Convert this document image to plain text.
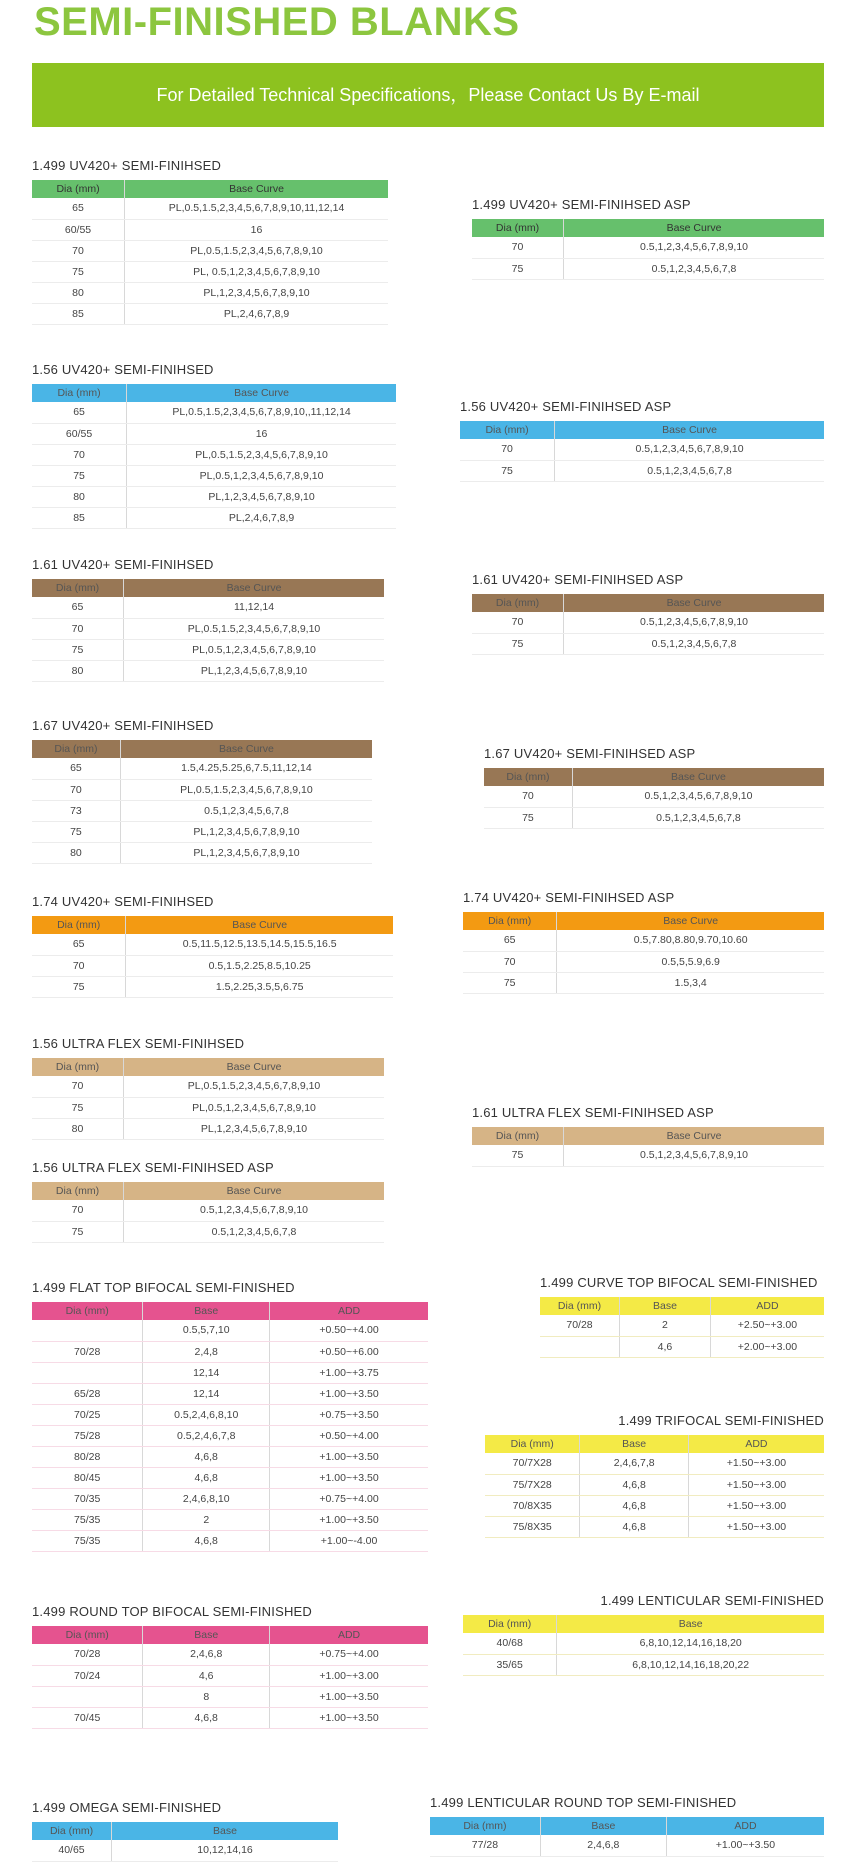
SEMI-FINISHED BLANKS
For Detailed Technical Specifications，Please Contact Us By E-mail
1.499 UV420+ SEMI-FINIHSED
Dia (mm)	Base Curve
65	PL,0.5,1.5,2,3,4,5,6,7,8,9,10,11,12,14
60/55	16
70	PL,0.5,1.5,2,3,4,5,6,7,8,9,10
75	PL, 0.5,1,2,3,4,5,6,7,8,9,10
80	PL,1,2,3,4,5,6,7,8,9,10
85	PL,2,4,6,7,8,9
1.499 UV420+ SEMI-FINIHSED ASP
Dia (mm)	Base Curve
70	0.5,1,2,3,4,5,6,7,8,9,10
75	0.5,1,2,3,4,5,6,7,8
1.56 UV420+ SEMI-FINIHSED
Dia (mm)	Base Curve
65	PL,0.5,1.5,2,3,4,5,6,7,8,9,10,,11,12,14
60/55	16
70	PL,0.5,1.5,2,3,4,5,6,7,8,9,10
75	PL,0.5,1,2,3,4,5,6,7,8,9,10
80	PL,1,2,3,4,5,6,7,8,9,10
85	PL,2,4,6,7,8,9
1.56 UV420+ SEMI-FINIHSED ASP
Dia (mm)	Base Curve
70	0.5,1,2,3,4,5,6,7,8,9,10
75	0.5,1,2,3,4,5,6,7,8
1.61 UV420+ SEMI-FINIHSED
Dia (mm)	Base Curve
65	11,12,14
70	PL,0.5,1.5,2,3,4,5,6,7,8,9,10
75	PL,0.5,1,2,3,4,5,6,7,8,9,10
80	PL,1,2,3,4,5,6,7,8,9,10
1.61 UV420+ SEMI-FINIHSED ASP
Dia (mm)	Base Curve
70	0.5,1,2,3,4,5,6,7,8,9,10
75	0.5,1,2,3,4,5,6,7,8
1.67 UV420+ SEMI-FINIHSED
Dia (mm)	Base Curve
65	1.5,4.25,5.25,6,7.5,11,12,14
70	PL,0.5,1.5,2,3,4,5,6,7,8,9,10
73	0.5,1,2,3,4,5,6,7,8
75	PL,1,2,3,4,5,6,7,8,9,10
80	PL,1,2,3,4,5,6,7,8,9,10
1.67 UV420+ SEMI-FINIHSED ASP
Dia (mm)	Base Curve
70	0.5,1,2,3,4,5,6,7,8,9,10
75	0.5,1,2,3,4,5,6,7,8
1.74 UV420+ SEMI-FINIHSED
Dia (mm)	Base Curve
65	0.5,11.5,12.5,13.5,14.5,15.5,16.5
70	0.5,1.5,2.25,8.5,10.25
75	1.5,2.25,3.5,5,6.75
1.74 UV420+ SEMI-FINIHSED ASP
Dia (mm)	Base Curve
65	0.5,7.80,8.80,9.70,10.60
70	0.5,5,5.9,6.9
75	1.5,3,4
1.56 ULTRA FLEX SEMI-FINIHSED
Dia (mm)	Base Curve
70	PL,0.5,1.5,2,3,4,5,6,7,8,9,10
75	PL,0.5,1,2,3,4,5,6,7,8,9,10
80	PL,1,2,3,4,5,6,7,8,9,10
1.56 ULTRA FLEX SEMI-FINIHSED ASP
Dia (mm)	Base Curve
70	0.5,1,2,3,4,5,6,7,8,9,10
75	0.5,1,2,3,4,5,6,7,8
1.61 ULTRA FLEX SEMI-FINIHSED ASP
Dia (mm)	Base Curve
75	0.5,1,2,3,4,5,6,7,8,9,10
1.499 FLAT TOP BIFOCAL SEMI-FINISHED
Dia (mm)	Base	ADD
	0.5,5,7,10	+0.50~+4.00
70/28	2,4,8	+0.50~+6.00
	12,14	+1.00~+3.75
65/28	12,14	+1.00~+3.50
70/25	0.5,2,4,6,8,10	+0.75~+3.50
75/28	0.5,2,4,6,7,8	+0.50~+4.00
80/28	4,6,8	+1.00~+3.50
80/45	4,6,8	+1.00~+3.50
70/35	2,4,6,8,10	+0.75~+4.00
75/35	2	+1.00~+3.50
75/35	4,6,8	+1.00~-4.00
1.499 CURVE TOP BIFOCAL SEMI-FINISHED
Dia (mm)	Base	ADD
70/28	2	+2.50~+3.00
	4,6	+2.00~+3.00
1.499 TRIFOCAL SEMI-FINISHED
Dia (mm)	Base	ADD
70/7X28	2,4,6,7,8	+1.50~+3.00
75/7X28	4,6,8	+1.50~+3.00
70/8X35	4,6,8	+1.50~+3.00
75/8X35	4,6,8	+1.50~+3.00
1.499 ROUND TOP BIFOCAL SEMI-FINISHED
Dia (mm)	Base	ADD
70/28	2,4,6,8	+0.75~+4.00
70/24	4,6	+1.00~+3.00
	8	+1.00~+3.50
70/45	4,6,8	+1.00~+3.50
1.499 LENTICULAR SEMI-FINISHED
Dia (mm)	Base
40/68	6,8,10,12,14,16,18,20
35/65	6,8,10,12,14,16,18,20,22
1.499 OMEGA SEMI-FINISHED
Dia (mm)	Base
40/65	10,12,14,16
1.499 LENTICULAR ROUND TOP SEMI-FINISHED
Dia (mm)	Base	ADD
77/28	2,4,6,8	+1.00~+3.50
